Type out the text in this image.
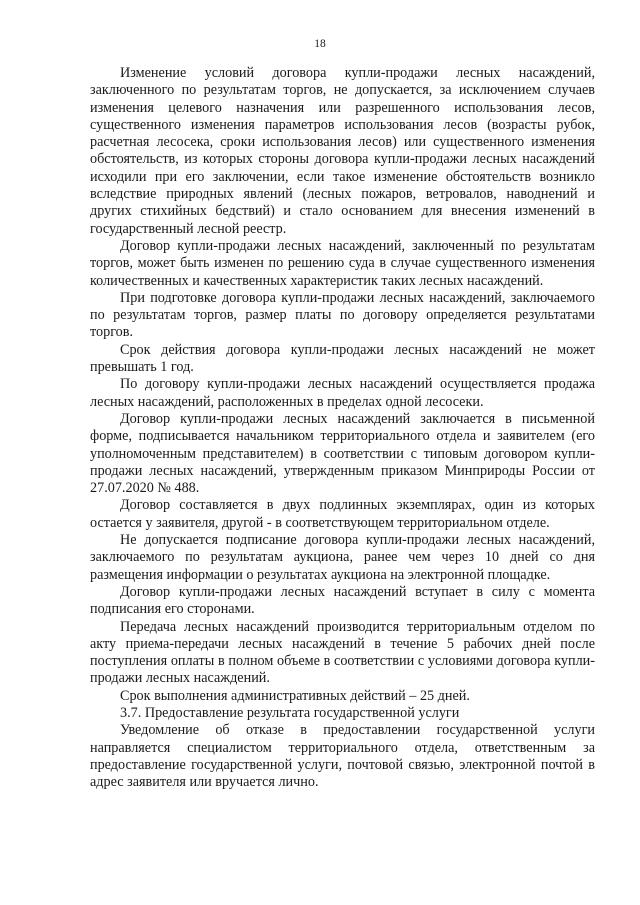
18

Изменение условий договора купли-продажи лесных насаждений, заключенного по результатам торгов, не допускается, за исключением случаев изменения целевого назначения или разрешенного использования лесов, существенного изменения параметров использования лесов (возрасты рубок, расчетная лесосека, сроки использования лесов) или существенного изменения обстоятельств, из которых стороны договора купли-продажи лесных насаждений исходили при его заключении, если такое изменение обстоятельств возникло вследствие природных явлений (лесных пожаров, ветровалов, наводнений и других стихийных бедствий) и стало основанием для внесения изменений в государственный лесной реестр.

Договор купли-продажи лесных насаждений, заключенный по результатам торгов, может быть изменен по решению суда в случае существенного изменения количественных и качественных характеристик таких лесных насаждений.

При подготовке договора купли-продажи лесных насаждений, заключаемого по результатам торгов, размер платы по договору определяется результатами торгов.

Срок действия договора купли-продажи лесных насаждений не может превышать 1 год.

По договору купли-продажи лесных насаждений осуществляется продажа лесных насаждений, расположенных в пределах одной лесосеки.

Договор купли-продажи лесных насаждений заключается в письменной форме, подписывается начальником территориального отдела и заявителем (его уполномоченным представителем) в соответствии с типовым договором купли-продажи лесных насаждений, утвержденным приказом Минприроды России от 27.07.2020 № 488.

Договор составляется в двух подлинных экземплярах, один из которых остается у заявителя, другой - в соответствующем территориальном отделе.

Не допускается подписание договора купли-продажи лесных насаждений, заключаемого по результатам аукциона, ранее чем через 10 дней со дня размещения информации о результатах аукциона на электронной площадке.

Договор купли-продажи лесных насаждений вступает в силу с момента подписания его сторонами.

Передача лесных насаждений производится территориальным отделом по акту приема-передачи лесных насаждений в течение 5 рабочих дней после поступления оплаты в полном объеме в соответствии с условиями договора купли-продажи лесных насаждений.

Срок выполнения административных действий – 25 дней.

3.7. Предоставление результата государственной услуги

Уведомление об отказе в предоставлении государственной услуги направляется специалистом территориального отдела, ответственным за предоставление государственной услуги, почтовой связью, электронной почтой в адрес заявителя или вручается лично.
